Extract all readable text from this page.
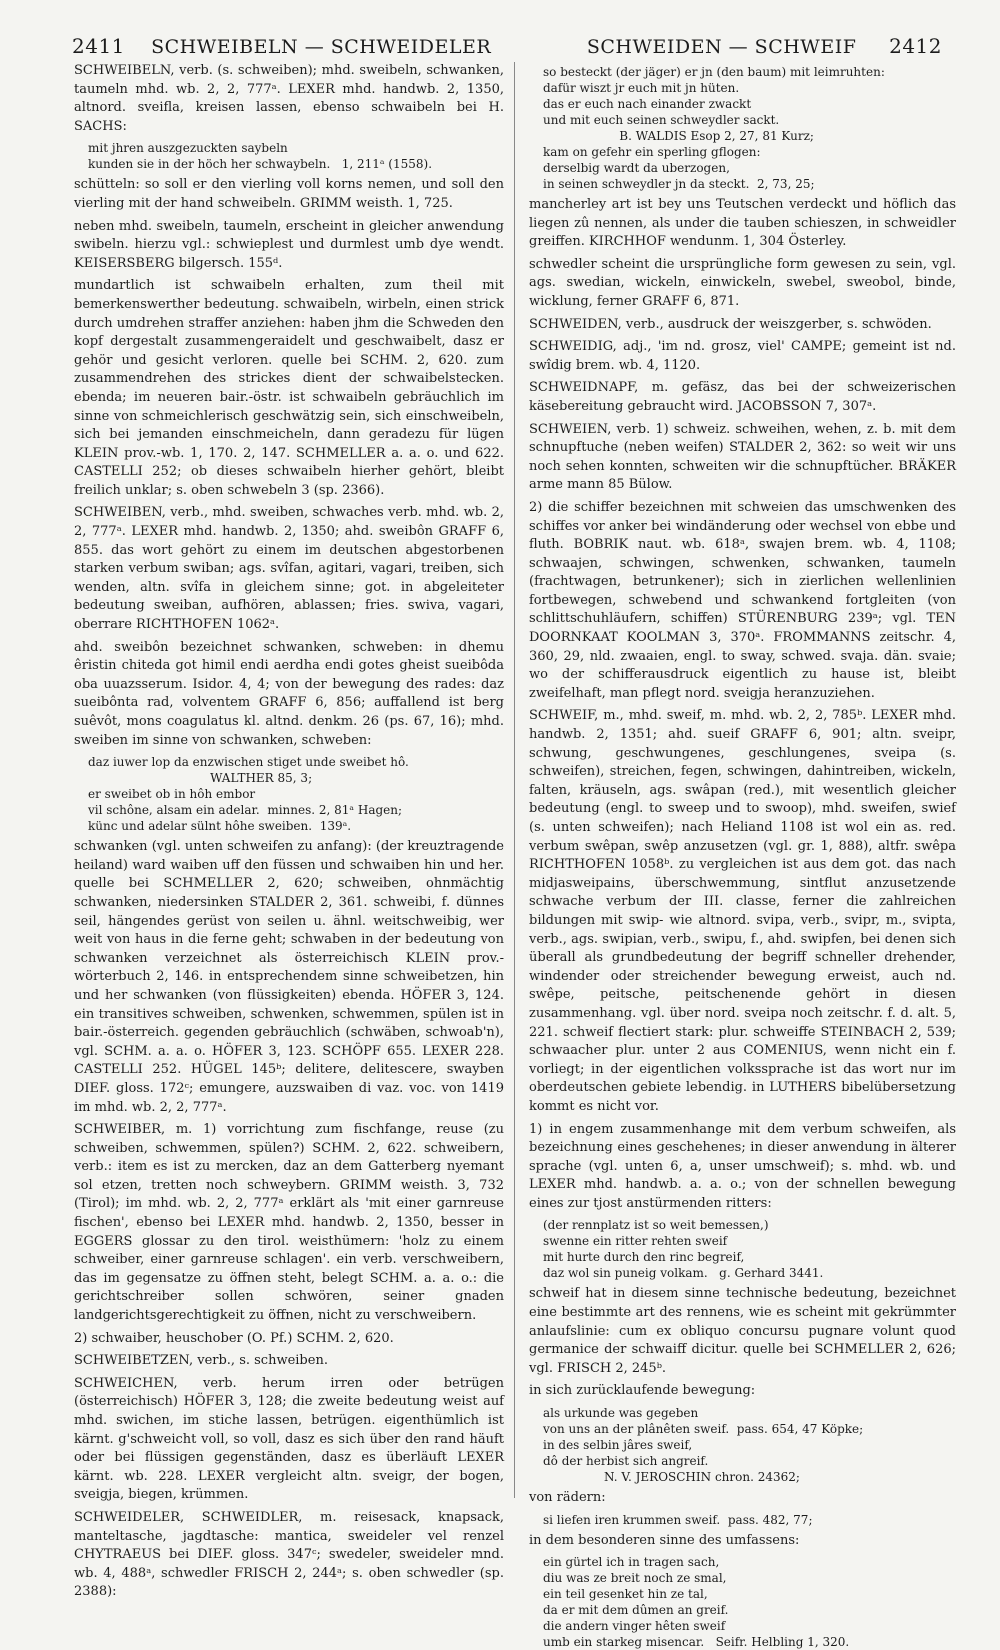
2411 SCHWEIBELN — SCHWEIDELER	SCHWEIDEN — SCHWEIF 2412

SCHWEIBELN, verb. (s. schweiben); mhd. sweibeln, schwanken, taumeln mhd. wb. 2, 2, 777ᵃ. LEXER mhd. handwb. 2, 1350, altnord. sveifla, kreisen lassen, ebenso schwaibeln bei H. SACHS:

mit jhren auszgezuckten saybeln
kunden sie in der höch her schwaybeln.   1, 211ᵃ (1558).

schütteln: so soll er den vierling voll korns nemen, und soll den vierling mit der hand schweibeln. GRIMM weisth. 1, 725.

neben mhd. sweibeln, taumeln, erscheint in gleicher anwendung swibeln. hierzu vgl.: schwieplest und durmlest umb dye wendt. KEISERSBERG bilgersch. 155ᵈ.

mundartlich ist schwaibeln erhalten, zum theil mit bemerkenswerther bedeutung. schwaibeln, wirbeln, einen strick durch umdrehen straffer anziehen: haben jhm die Schweden den kopf dergestalt zusammengeraidelt und geschwaibelt, dasz er gehör und gesicht verloren. quelle bei SCHM. 2, 620. zum zusammendrehen des strickes dient der schwaibelstecken. ebenda; im neueren bair.-östr. ist schwaibeln gebräuchlich im sinne von schmeichlerisch geschwätzig sein, sich einschweibeln, sich bei jemanden einschmeicheln, dann geradezu für lügen KLEIN prov.-wb. 1, 170. 2, 147. SCHMELLER a. a. o. und 622. CASTELLI 252; ob dieses schwaibeln hierher gehört, bleibt freilich unklar; s. oben schwebeln 3 (sp. 2366).

SCHWEIBEN, verb., mhd. sweiben, schwaches verb. mhd. wb. 2, 2, 777ᵃ. LEXER mhd. handwb. 2, 1350; ahd. sweibôn GRAFF 6, 855. das wort gehört zu einem im deutschen abgestorbenen starken verbum swiban; ags. svîfan, agitari, vagari, treiben, sich wenden, altn. svîfa in gleichem sinne; got. in abgeleiteter bedeutung sweiban, aufhören, ablassen; fries. swiva, vagari, oberrare RICHTHOFEN 1062ᵃ.

ahd. sweibôn bezeichnet schwanken, schweben: in dhemu êristin chiteda got himil endi aerdha endi gotes gheist sueibôda oba uuazsserum. Isidor. 4, 4; von der bewegung des rades: daz sueibônta rad, volventem GRAFF 6, 856; auffallend ist berg suêvôt, mons coagulatus kl. altnd. denkm. 26 (ps. 67, 16); mhd. sweiben im sinne von schwanken, schweben:

daz iuwer lop da enzwischen stiget unde sweibet hô.
WALTHER 85, 3;
er sweibet ob in hôh embor
vil schône, alsam ein adelar.  minnes. 2, 81ᵃ Hagen;
künc und adelar sülnt hôhe sweiben.  139ᵃ.

schwanken (vgl. unten schweifen zu anfang): (der kreuztragende heiland) ward waiben uff den füssen und schwaiben hin und her. quelle bei SCHMELLER 2, 620; schweiben, ohnmächtig schwanken, niedersinken STALDER 2, 361. schweibi, f. dünnes seil, hängendes gerüst von seilen u. ähnl. weitschweibig, wer weit von haus in die ferne geht; schwaben in der bedeutung von schwanken verzeichnet als österreichisch KLEIN prov.-wörterbuch 2, 146. in entsprechendem sinne schweibetzen, hin und her schwanken (von flüssigkeiten) ebenda. HÖFER 3, 124. ein transitives schweiben, schwenken, schwemmen, spülen ist in bair.-österreich. gegenden gebräuchlich (schwäben, schwoab'n), vgl. SCHM. a. a. o. HÖFER 3, 123. SCHÖPF 655. LEXER 228. CASTELLI 252. HÜGEL 145ᵇ; delitere, delitescere, swayben DIEF. gloss. 172ᶜ; emungere, auzswaiben di vaz. voc. von 1419 im mhd. wb. 2, 2, 777ᵃ.

SCHWEIBER, m. 1) vorrichtung zum fischfange, reuse (zu schweiben, schwemmen, spülen?) SCHM. 2, 622. schweibern, verb.: item es ist zu mercken, daz an dem Gatterberg nyemant sol etzen, tretten noch schweybern. GRIMM weisth. 3, 732 (Tirol); im mhd. wb. 2, 2, 777ᵃ erklärt als 'mit einer garnreuse fischen', ebenso bei LEXER mhd. handwb. 2, 1350, besser in EGGERS glossar zu den tirol. weisthümern: 'holz zu einem schweiber, einer garnreuse schlagen'. ein verb. verschweibern, das im gegensatze zu öffnen steht, belegt SCHM. a. a. o.: die gerichtschreiber sollen schwören, seiner gnaden landgerichtsgerechtigkeit zu öffnen, nicht zu verschweibern.

2) schwaiber, heuschober (O. Pf.) SCHM. 2, 620.

SCHWEIBETZEN, verb., s. schweiben.

SCHWEICHEN, verb. herum irren oder betrügen (österreichisch) HÖFER 3, 128; die zweite bedeutung weist auf mhd. swichen, im stiche lassen, betrügen. eigenthümlich ist kärnt. g'schweicht voll, so voll, dasz es sich über den rand häuft oder bei flüssigen gegenständen, dasz es überläuft LEXER kärnt. wb. 228. LEXER vergleicht altn. sveigr, der bogen, sveigja, biegen, krümmen.

SCHWEIDELER, SCHWEIDLER, m. reisesack, knapsack, manteltasche, jagdtasche: mantica, sweideler vel renzel CHYTRAEUS bei DIEF. gloss. 347ᶜ; swedeler, sweideler mnd. wb. 4, 488ᵃ, schwedler FRISCH 2, 244ᵃ; s. oben schwedler (sp. 2388):

so besteckt (der jäger) er jn (den baum) mit leimruhten:
dafür wiszt jr euch mit jn hüten.
das er euch nach einander zwackt
und mit euch seinen schweydler sackt.
B. WALDIS Esop 2, 27, 81 Kurz;
kam on gefehr ein sperling gflogen:
derselbig wardt da uberzogen,
in seinen schweydler jn da steckt.  2, 73, 25;

mancherley art ist bey uns Teutschen verdeckt und höflich das liegen zû nennen, als under die tauben schieszen, in schweidler greiffen. KIRCHHOF wendunm. 1, 304 Österley.

schwedler scheint die ursprüngliche form gewesen zu sein, vgl. ags. swedian, wickeln, einwickeln, swebel, sweobol, binde, wicklung, ferner GRAFF 6, 871.

SCHWEIDEN, verb., ausdruck der weiszgerber, s. schwöden.

SCHWEIDIG, adj., 'im nd. grosz, viel' CAMPE; gemeint ist nd. swîdig brem. wb. 4, 1120.

SCHWEIDNAPF, m. gefäsz, das bei der schweizerischen käsebereitung gebraucht wird. JACOBSSON 7, 307ᵃ.

SCHWEIEN, verb. 1) schweiz. schweihen, wehen, z. b. mit dem schnupftuche (neben weifen) STALDER 2, 362: so weit wir uns noch sehen konnten, schweiten wir die schnupftücher. BRÄKER arme mann 85 Bülow.

2) die schiffer bezeichnen mit schweien das umschwenken des schiffes vor anker bei windänderung oder wechsel von ebbe und fluth. BOBRIK naut. wb. 618ᵃ, swajen brem. wb. 4, 1108; schwaajen, schwingen, schwenken, schwanken, taumeln (frachtwagen, betrunkener); sich in zierlichen wellenlinien fortbewegen, schwebend und schwankend fortgleiten (von schlittschuhläufern, schiffen) STÜRENBURG 239ᵃ; vgl. TEN DOORNKAAT KOOLMAN 3, 370ᵃ. FROMMANNS zeitschr. 4, 360, 29, nld. zwaaien, engl. to sway, schwed. svaja. dän. svaie; wo der schifferausdruck eigentlich zu hause ist, bleibt zweifelhaft, man pflegt nord. sveigja heranzuziehen.

SCHWEIF, m., mhd. sweif, m. mhd. wb. 2, 2, 785ᵇ. LEXER mhd. handwb. 2, 1351; ahd. sueif GRAFF 6, 901; altn. sveipr, schwung, geschwungenes, geschlungenes, sveipa (s. schweifen), streichen, fegen, schwingen, dahintreiben, wickeln, falten, kräuseln, ags. swâpan (red.), mit wesentlich gleicher bedeutung (engl. to sweep und to swoop), mhd. sweifen, swief (s. unten schweifen); nach Heliand 1108 ist wol ein as. red. verbum swêpan, swêp anzusetzen (vgl. gr. 1, 888), altfr. swêpa RICHTHOFEN 1058ᵇ. zu vergleichen ist aus dem got. das nach midjasweipains, überschwemmung, sintflut anzusetzende schwache verbum der III. classe, ferner die zahlreichen bildungen mit swip- wie altnord. svipa, verb., svipr, m., svipta, verb., ags. swipian, verb., swipu, f., ahd. swipfen, bei denen sich überall als grundbedeutung der begriff schneller drehender, windender oder streichender bewegung erweist, auch nd. swêpe, peitsche, peitschenende gehört in diesen zusammenhang. vgl. über nord. sveipa noch zeitschr. f. d. alt. 5, 221. schweif flectiert stark: plur. schweiffe STEINBACH 2, 539; schwaacher plur. unter 2 aus COMENIUS, wenn nicht ein f. vorliegt; in der eigentlichen volkssprache ist das wort nur im oberdeutschen gebiete lebendig. in LUTHERS bibelübersetzung kommt es nicht vor.

1) in engem zusammenhange mit dem verbum schweifen, als bezeichnung eines geschehenes; in dieser anwendung in älterer sprache (vgl. unten 6, a, unser umschweif); s. mhd. wb. und LEXER mhd. handwb. a. a. o.; von der schnellen bewegung eines zur tjost anstürmenden ritters:

(der rennplatz ist so weit bemessen,)
swenne ein ritter rehten sweif
mit hurte durch den rinc begreif,
daz wol sin puneig volkam.   g. Gerhard 3441.

schweif hat in diesem sinne technische bedeutung, bezeichnet eine bestimmte art des rennens, wie es scheint mit gekrümmter anlaufslinie: cum ex obliquo concursu pugnare volunt quod germanice der schwaiff dicitur. quelle bei SCHMELLER 2, 626; vgl. FRISCH 2, 245ᵇ.

in sich zurücklaufende bewegung:

als urkunde was gegeben
von uns an der plânêten sweif.  pass. 654, 47 Köpke;
in des selbin jâres sweif,
dô der herbist sich angreif.
N. V. JEROSCHIN chron. 24362;

von rädern:

si liefen iren krummen sweif.  pass. 482, 77;

in dem besonderen sinne des umfassens:

ein gürtel ich in tragen sach,
diu was ze breit noch ze smal,
ein teil gesenket hin ze tal,
da er mit dem dûmen an greif.
die andern vinger hêten sweif
umb ein starkeg misencar.   Seifr. Helbling 1, 320.
